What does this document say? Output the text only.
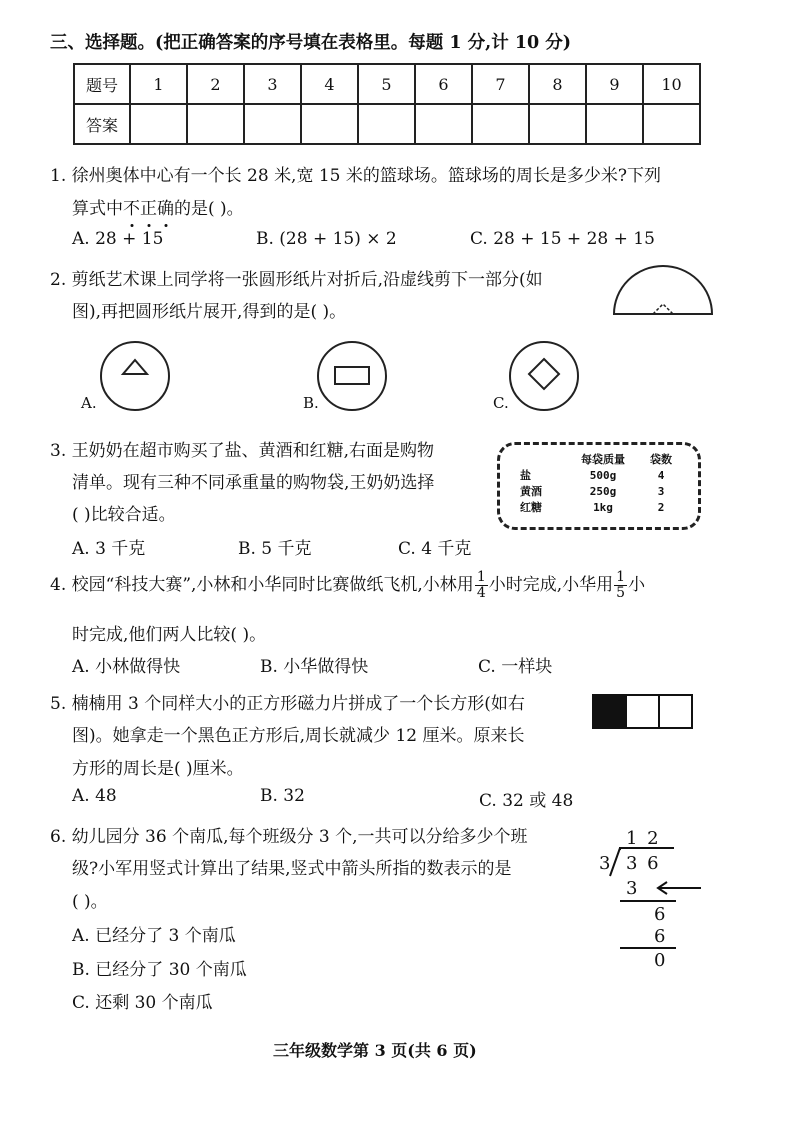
三、选择题。(把正确答案的序号填在表格里。每题 1 分,计 10 分)
题号	1	2	3	4	5	6	7	8	9	10
答案										
1. 徐州奥体中心有一个长 28 米,宽 15 米的篮球场。篮球场的周长是多少米?下列
算式中不
正
确
的是( )。
A. 28 + 15	B. (28 + 15) × 2	C. 28 + 15 + 28 + 15
2. 剪纸艺术课上同学将一张圆形纸片对折后,沿虚线剪下一部分(如
图),再把圆形纸片展开,得到的是( )。
A.	B.	C.
3. 王奶奶在超市购买了盐、黄酒和红糖,右面是购物
清单。现有三种不同承重量的购物袋,王奶奶选择
( )比较合适。
A. 3 千克	B. 5 千克	C. 4 千克
	每袋质量	袋数
盐	500g	4
黄酒	250g	3
红糖	1kg	2
4. 校园“科技大赛”,小林和小华同时比赛做纸飞机,小林用 $\frac{1}{4}$ 小时完成,小华用 $\frac{1}{5}$ 小
时完成,他们两人比较( )。
A. 小林做得快	B. 小华做得快	C. 一样块
5. 楠楠用 3 个同样大小的正方形磁力片拼成了一个长方形(如右
图)。她拿走一个黑色正方形后,周长就减少 12 厘米。原来长
方形的周长是( )厘米。
A. 48	B. 32	C. 32 或 48
6. 幼儿园分 36 个南瓜,每个班级分 3 个,一共可以分给多少个班
级?小军用竖式计算出了结果,竖式中箭头所指的数表示的是
( )。
A. 已经分了 3 个南瓜
B. 已经分了 30 个南瓜
C. 还剩 30 个南瓜
1 2
3 3 6
3
6
6
0
三年级数学第 3 页(共 6 页)
